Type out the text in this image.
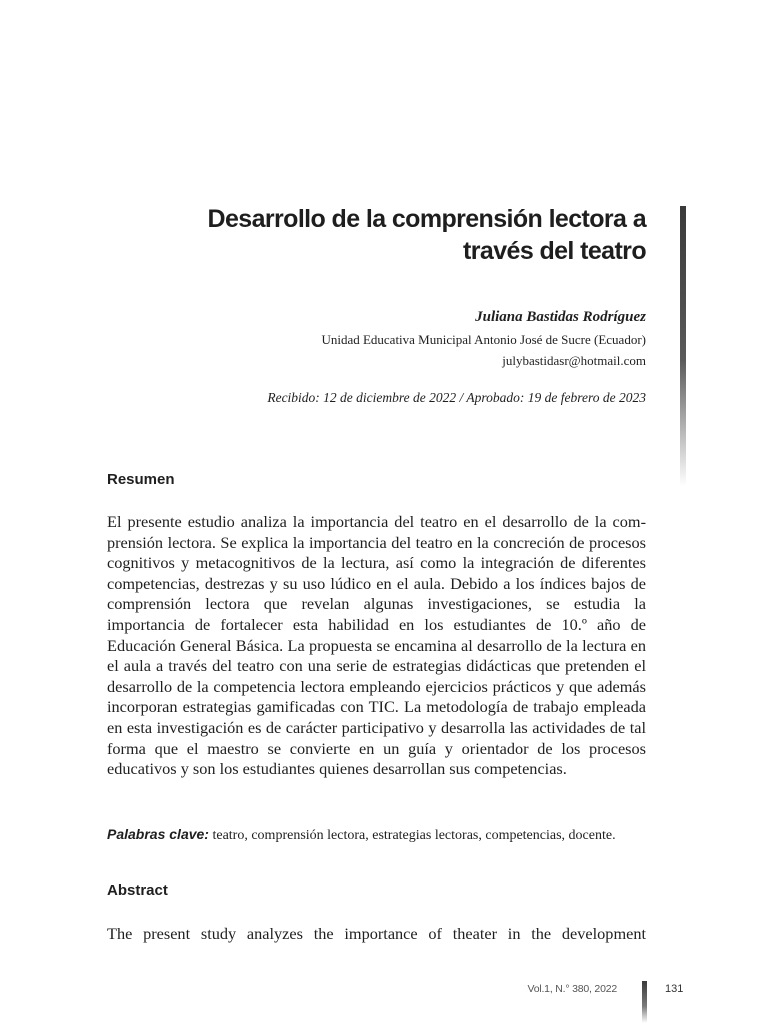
Desarrollo de la comprensión lectora a
través del teatro

Juliana Bastidas Rodríguez

Unidad Educativa Municipal Antonio José de Sucre (Ecuador)

julybastidasr@hotmail.com

Recibido: 12 de diciembre de 2022 / Aprobado: 19 de febrero de 2023

Resumen

El presente estudio analiza la importancia del teatro en el desarrollo de la comprensión lectora. Se explica la importancia del teatro en la concreción de procesos cognitivos y metacognitivos de la lectura, así como la integración de diferentes competencias, destrezas y su uso lúdico en el aula. Debido a los índices bajos de comprensión lectora que revelan algunas investigaciones, se estudia la importancia de fortalecer esta habilidad en los estudiantes de 10.º año de Educación General Básica. La propuesta se encamina al desarrollo de la lectura en el aula a través del teatro con una serie de estrategias didácticas que pretenden el desarrollo de la competencia lectora empleando ejercicios prácticos y que además incorporan estrategias gamificadas con TIC. La metodología de trabajo empleada en esta investigación es de carácter participativo y desarrolla las actividades de tal forma que el maestro se convierte en un guía y orientador de los procesos educativos y son los estudiantes quienes desarrollan sus competencias.

Palabras clave: teatro, comprensión lectora, estrategias lectoras, competencias, docente.

Abstract

The present study analyzes the importance of theater in the development

Vol.1, N.° 380, 2022	131
